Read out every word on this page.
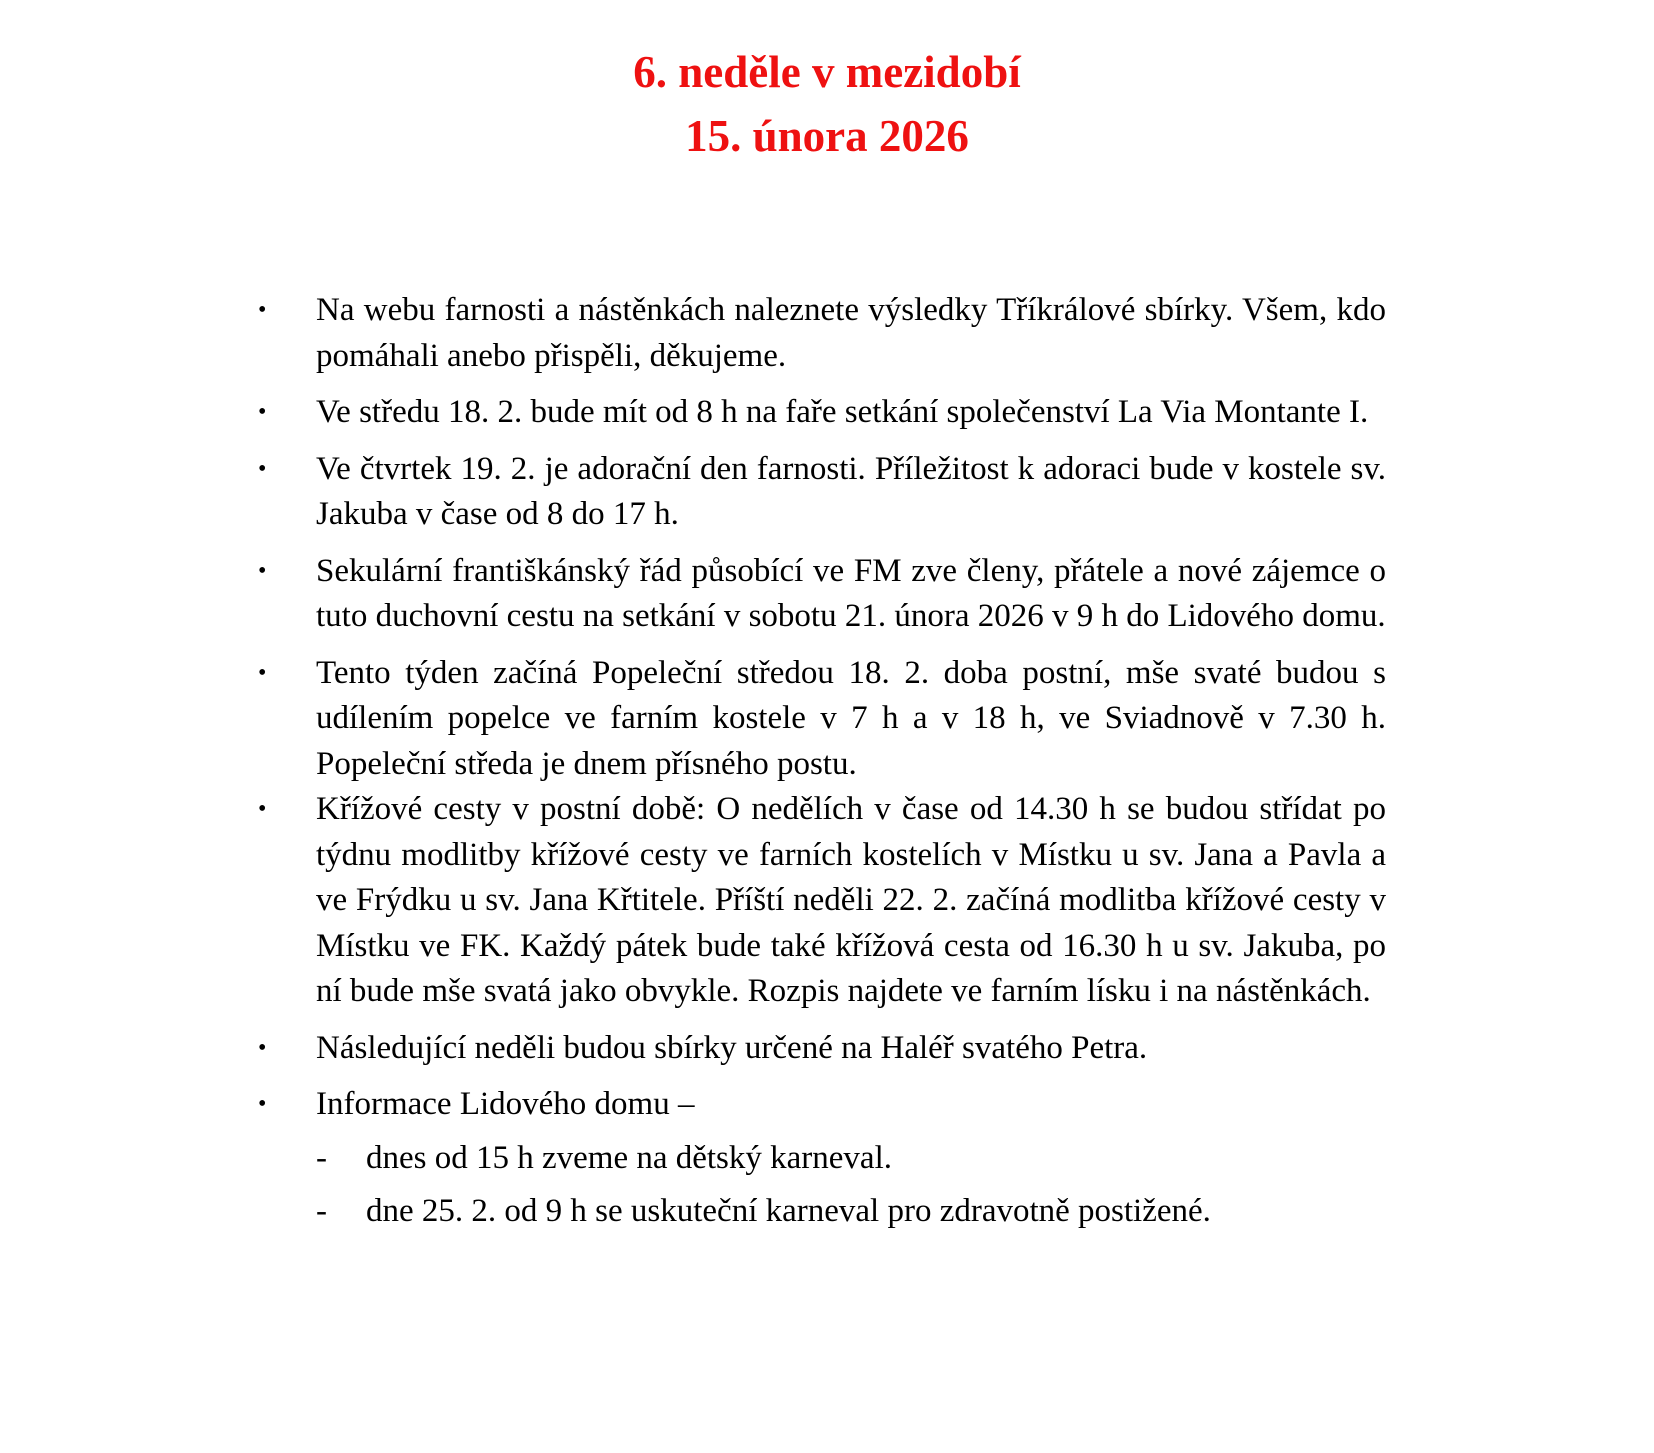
6. neděle v mezidobí
15. února 2026
•	Na webu farnosti a nástěnkách naleznete výsledky Tříkrálové sbírky. Všem, kdo pomáhali anebo přispěli, děkujeme.
•	Ve středu 18. 2. bude mít od 8 h na faře setkání společenství La Via Montante I.
•	Ve čtvrtek 19. 2. je adorační den farnosti. Příležitost k adoraci bude v kostele sv. Jakuba v čase od 8 do 17 h.
•	Sekulární františkánský řád působící ve FM zve členy, přátele a nové zájemce o tuto duchovní cestu na setkání v sobotu 21. února 2026 v 9 h do Lidového domu.
•	Tento týden začíná Popeleční středou 18. 2. doba postní, mše svaté budou s udílením popelce ve farním kostele v 7 h a v 18 h, ve Sviadnově v 7.30 h. Popeleční středa je dnem přísného postu.
•	Křížové cesty v postní době: O nedělích v čase od 14.30 h se budou střídat po týdnu modlitby křížové cesty ve farních kostelích v Místku u sv. Jana a Pavla a ve Frýdku u sv. Jana Křtitele. Příští neděli 22. 2. začíná modlitba křížové cesty v Místku ve FK. Každý pátek bude také křížová cesta od 16.30 h u sv. Jakuba, po ní bude mše svatá jako obvykle. Rozpis najdete ve farním lísku i na nástěnkách.
•	Následující neděli budou sbírky určené na Haléř svatého Petra.
•	Informace Lidového domu –
- dnes od 15 h zveme na dětský karneval.
- dne 25. 2. od 9 h se uskuteční karneval pro zdravotně postižené.
